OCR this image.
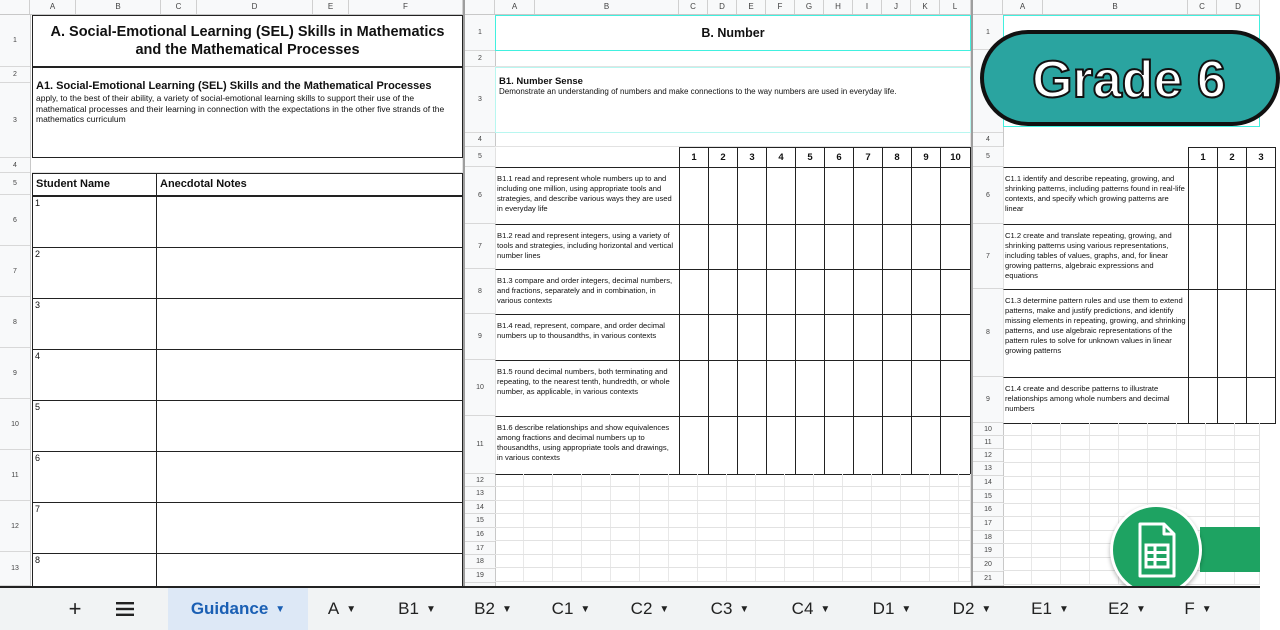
A	B	C	D	E	F
1
2
3
4
5
6
7
8
9
10
11
12
13
A. Social-Emotional Learning (SEL) Skills in Mathematics and the Mathematical Processes
A1. Social-Emotional Learning (SEL) Skills and the Mathematical Processes
apply, to the best of their ability, a variety of social-emotional learning skills to support their use of the mathematical processes and their learning in connection with the expectations in the other five strands of the mathematics curriculum
Student Name	Anecdotal Notes
1
2
3
4
5
6
7
8
A	B	C	D	E	F	G	H	I	J	K	L
1
2
3
4
5
6
7
8
9
10
11
12
13
14
15
16
17
18
19
B. Number
B1. Number Sense
Demonstrate an understanding of numbers and make connections to the way numbers are used in everyday life.
1	2	3	4	5	6	7	8	9	10
B1.1 read and represent whole numbers up to and including one million, using appropriate tools and strategies, and describe various ways they are used in everyday life
B1.2 read and represent integers, using a variety of tools and strategies, including horizontal and vertical number lines
B1.3 compare and order integers, decimal numbers, and fractions, separately and in combination, in various contexts
B1.4 read, represent, compare, and order decimal numbers up to thousandths, in various contexts
B1.5 round decimal numbers, both terminating and repeating, to the nearest tenth, hundredth, or whole number, as applicable, in various contexts
B1.6 describe relationships and show equivalences among fractions and decimal numbers up to thousandths, using appropriate tools and drawings, in various contexts
A	B	C	D
1
4
5
6
7
8
9
10
11
12
13
14
15
16
17
18
19
20
21
1	2	3
C1.1 identify and describe repeating, growing, and shrinking patterns, including patterns found in real-life contexts, and specify which growing patterns are linear
C1.2 create and translate repeating, growing, and shrinking patterns using various representations, including tables of values, graphs, and, for linear growing patterns, algebraic expressions and equations
C1.3 determine pattern rules and use them to extend patterns, make and justify predictions, and identify missing elements in repeating, growing, and shrinking patterns, and use algebraic representations of the pattern rules to solve for unknown values in linear growing patterns
C1.4 create and describe patterns to illustrate relationships among whole numbers and decimal numbers
Grade 6
+	Guidance ▼	A ▼ B1 ▼ B2 ▼ C1 ▼ C2 ▼ C3 ▼ C4 ▼ D1 ▼ D2 ▼ E1 ▼ E2 ▼ F ▼
